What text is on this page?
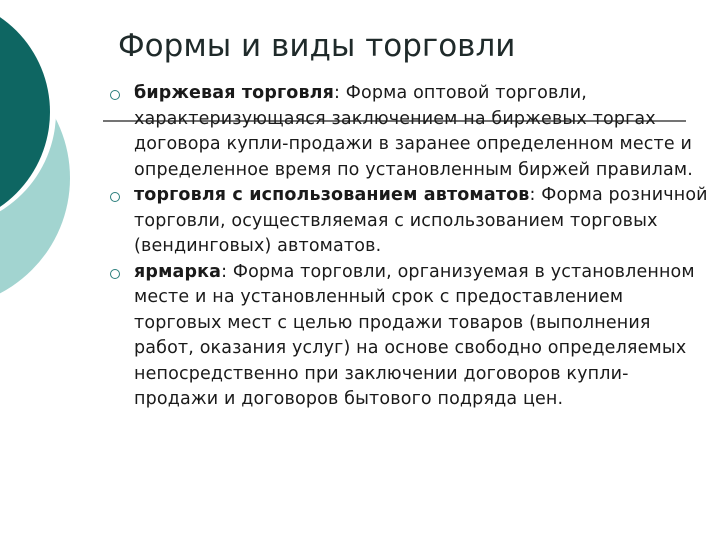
Формы и виды торговли
биржевая торговля: Форма оптовой торговли, характеризующаяся заключением на биржевых торгах договора купли-продажи в заранее определенном месте и определенное время по установленным биржей правилам.
торговля с использованием автоматов: Форма розничной торговли, осуществляемая с использованием торговых (вендинговых) автоматов.
ярмарка: Форма торговли, организуемая в установленном месте и на установленный срок с предоставлением торговых мест с целью продажи товаров (выполнения работ, оказания услуг) на основе свободно определяемых непосредственно при заключении договоров купли-продажи и договоров бытового подряда цен.
